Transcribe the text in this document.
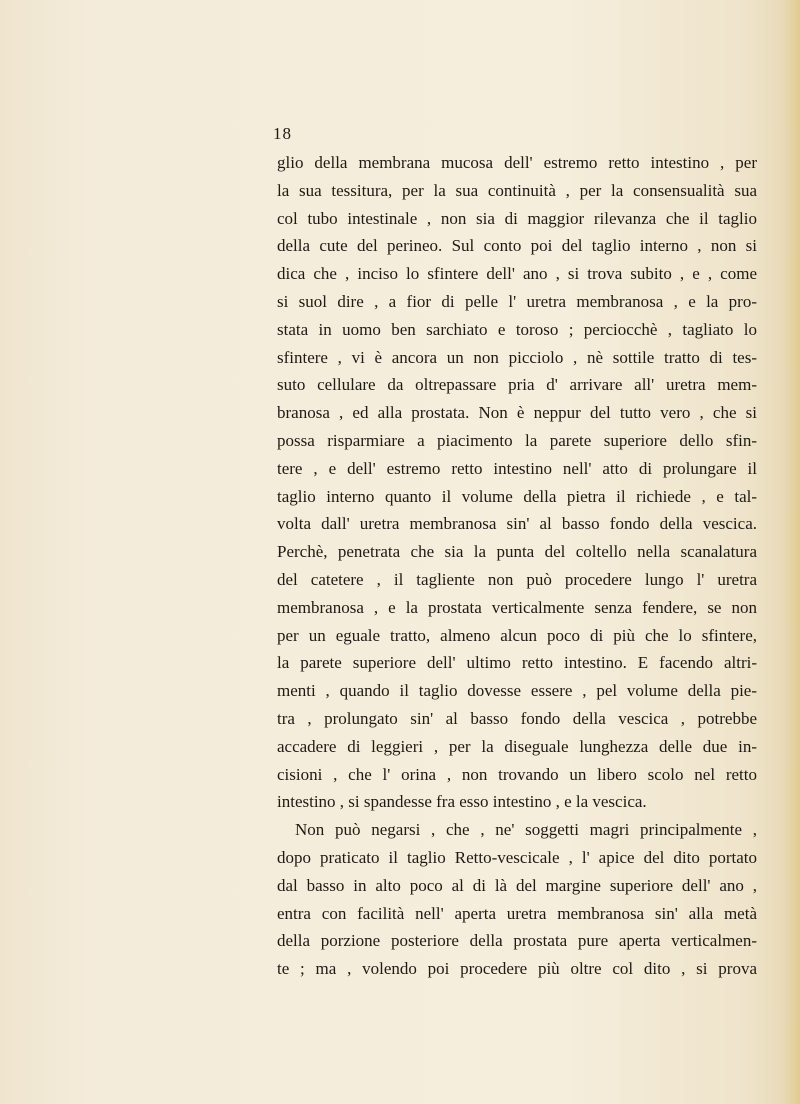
18
glio della membrana mucosa dell' estremo retto intestino , per
la sua tessitura, per la sua continuità , per la consensualità sua
col tubo intestinale , non sia di maggior rilevanza che il taglio
della cute del perineo. Sul conto poi del taglio interno , non si
dica che , inciso lo sfintere dell' ano , si trova subito , e , come
si suol dire , a fior di pelle l' uretra membranosa , e la pro-
stata in uomo ben sarchiato e toroso ; perciocchè , tagliato lo
sfintere , vi è ancora un non picciolo , nè sottile tratto di tes-
suto cellulare da oltrepassare pria d' arrivare all' uretra mem-
branosa , ed alla prostata. Non è neppur del tutto vero , che si
possa risparmiare a piacimento la parete superiore dello sfin-
tere , e dell' estremo retto intestino nell' atto di prolungare il
taglio interno quanto il volume della pietra il richiede , e tal-
volta dall' uretra membranosa sin' al basso fondo della vescica.
Perchè, penetrata che sia la punta del coltello nella scanalatura
del catetere , il tagliente non può procedere lungo l' uretra
membranosa , e la prostata verticalmente senza fendere, se non
per un eguale tratto, almeno alcun poco di più che lo sfintere,
la parete superiore dell' ultimo retto intestino. E facendo altri-
menti , quando il taglio dovesse essere , pel volume della pie-
tra , prolungato sin' al basso fondo della vescica , potrebbe
accadere di leggieri , per la diseguale lunghezza delle due in-
cisioni , che l' orina , non trovando un libero scolo nel retto
intestino , si spandesse fra esso intestino , e la vescica.
Non può negarsi , che , ne' soggetti magri principalmente ,
dopo praticato il taglio Retto-vescicale , l' apice del dito portato
dal basso in alto poco al di là del margine superiore dell' ano ,
entra con facilità nell' aperta uretra membranosa sin' alla metà
della porzione posteriore della prostata pure aperta verticalmen-
te ; ma , volendo poi procedere più oltre col dito , si prova
